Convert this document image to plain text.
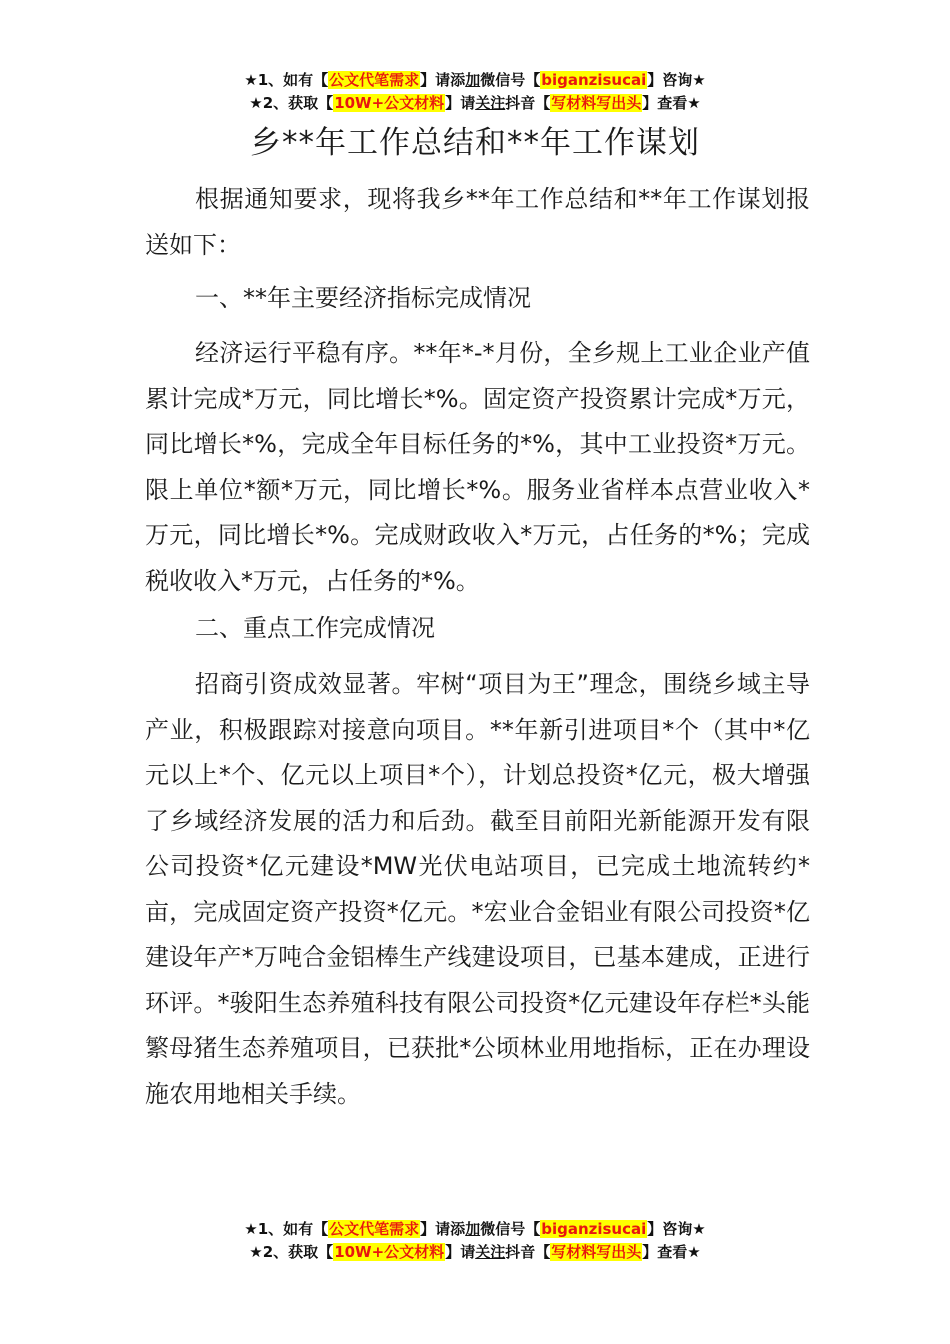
★1、如有【公文代笔需求】请添加微信号【biganzisucai】咨询★
★2、获取【10W+公文材料】请关注抖音【写材料写出头】查看★
乡**年工作总结和**年工作谋划

根据通知要求，现将我乡**年工作总结和**年工作谋划报送如下：

一、**年主要经济指标完成情况

经济运行平稳有序。**年*-*月份，全乡规上工业企业产值累计完成*万元，同比增长*%。固定资产投资累计完成*万元，同比增长*%，完成全年目标任务的*%，其中工业投资*万元。限上单位*额*万元，同比增长*%。服务业省样本点营业收入*万元，同比增长*%。完成财政收入*万元，占任务的*%；完成税收收入*万元，占任务的*%。

二、重点工作完成情况

招商引资成效显著。牢树“项目为王”理念，围绕乡域主导产业，积极跟踪对接意向项目。**年新引进项目*个（其中*亿元以上*个、亿元以上项目*个），计划总投资*亿元，极大增强了乡域经济发展的活力和后劲。截至目前阳光新能源开发有限公司投资*亿元建设*MW光伏电站项目，已完成土地流转约*亩，完成固定资产投资*亿元。*宏业合金铝业有限公司投资*亿建设年产*万吨合金铝棒生产线建设项目，已基本建成，正进行环评。*骏阳生态养殖科技有限公司投资*亿元建设年存栏*头能繁母猪生态养殖项目，已获批*公顷林业用地指标，正在办理设施农用地相关手续。

★1、如有【公文代笔需求】请添加微信号【biganzisucai】咨询★
★2、获取【10W+公文材料】请关注抖音【写材料写出头】查看★
